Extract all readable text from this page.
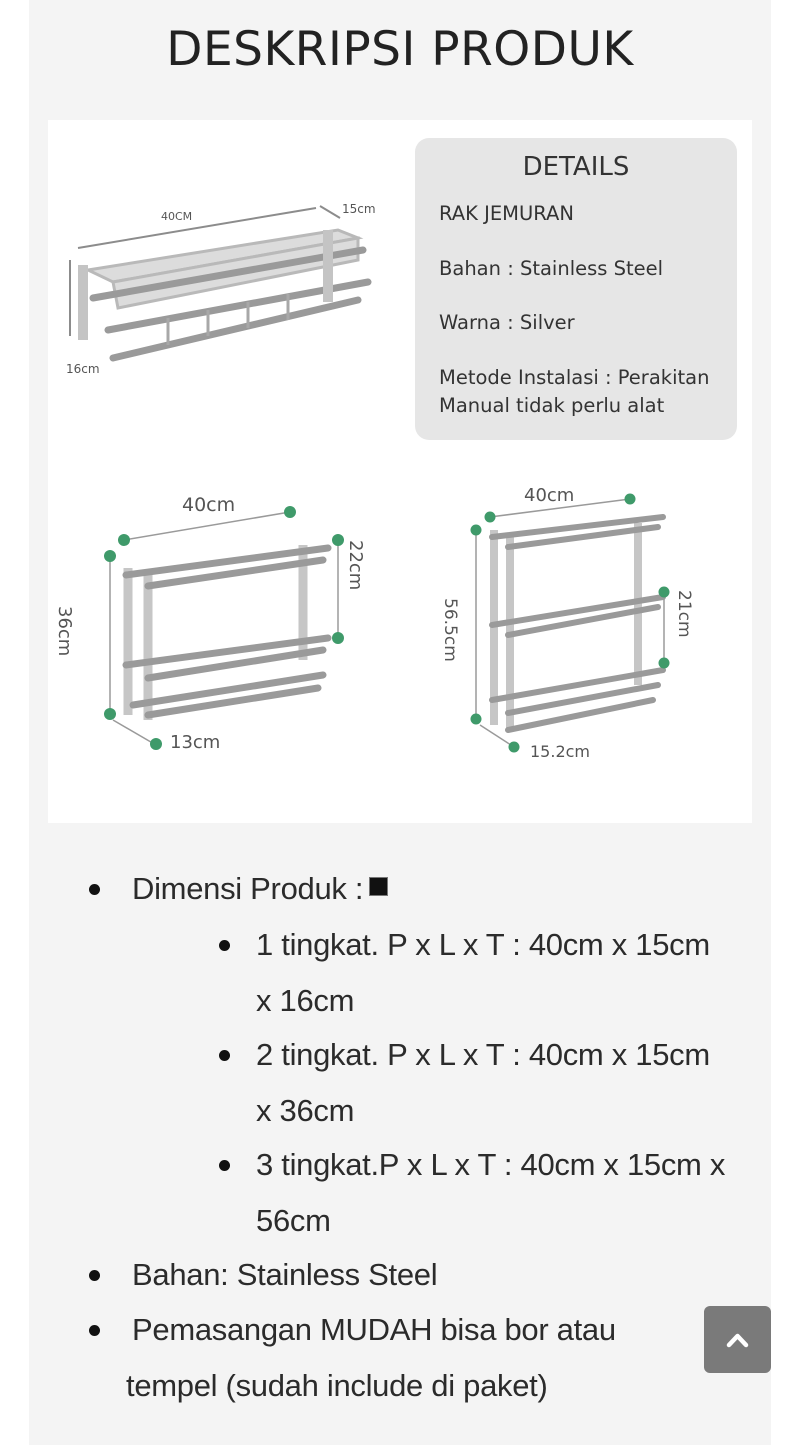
DESKRIPSI PRODUK
40CM
15cm
16cm
DETAILS
RAK JEMURAN
Bahan : Stainless Steel
Warna : Silver
Metode Instalasi : Perakitan
Manual tidak perlu alat
40cm
36cm
22cm
13cm
40cm
56.5cm	21cm
15.2cm
Dimensi Produk :
1 tingkat. P x L x T : 40cm x 15cm
x 16cm
2 tingkat. P x L x T : 40cm x 15cm
x 36cm
3 tingkat.P x L x T : 40cm x 15cm x
56cm
Bahan: Stainless Steel
Pemasangan MUDAH bisa bor atau
tempel (sudah include di paket)
